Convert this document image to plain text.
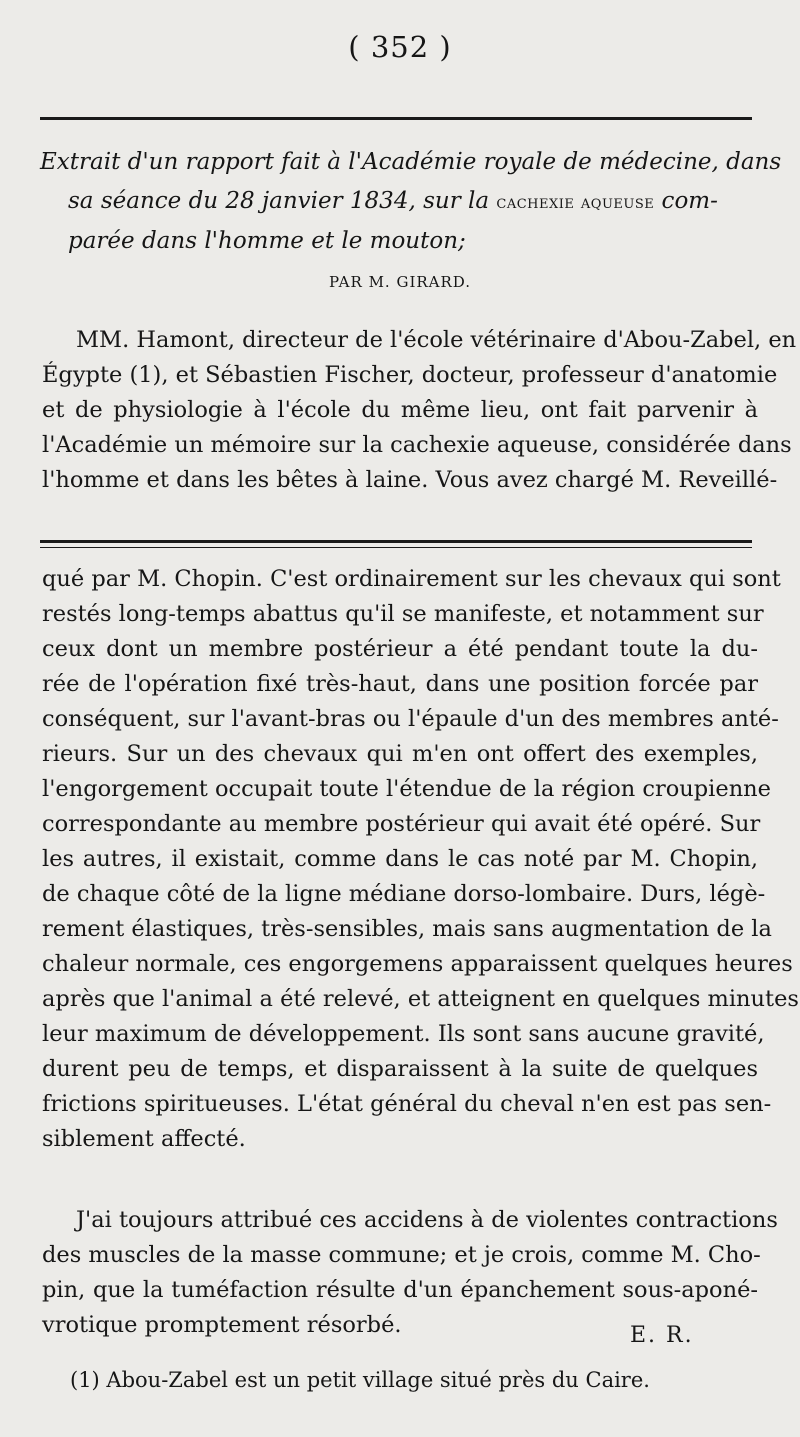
( 352 )
Extrait d'un rapport fait à l'Académie royale de médecine, dans
sa séance du 28 janvier 1834, sur la cachexie aqueuse com-
parée dans l'homme et le mouton;
PAR M. GIRARD.
MM. Hamont, directeur de l'école vétérinaire d'Abou-Zabel, en
Égypte (1), et Sébastien Fischer, docteur, professeur d'anatomie
et de physiologie à l'école du même lieu, ont fait parvenir à
l'Académie un mémoire sur la cachexie aqueuse, considérée dans
l'homme et dans les bêtes à laine. Vous avez chargé M. Reveillé-
qué par M. Chopin. C'est ordinairement sur les chevaux qui sont
restés long-temps abattus qu'il se manifeste, et notamment sur
ceux dont un membre postérieur a été pendant toute la du-
rée de l'opération fixé très-haut, dans une position forcée par
conséquent, sur l'avant-bras ou l'épaule d'un des membres anté-
rieurs. Sur un des chevaux qui m'en ont offert des exemples,
l'engorgement occupait toute l'étendue de la région croupienne
correspondante au membre postérieur qui avait été opéré. Sur
les autres, il existait, comme dans le cas noté par M. Chopin,
de chaque côté de la ligne médiane dorso-lombaire. Durs, légè-
rement élastiques, très-sensibles, mais sans augmentation de la
chaleur normale, ces engorgemens apparaissent quelques heures
après que l'animal a été relevé, et atteignent en quelques minutes
leur maximum de développement. Ils sont sans aucune gravité,
durent peu de temps, et disparaissent à la suite de quelques
frictions spiritueuses. L'état général du cheval n'en est pas sen-
siblement affecté.
J'ai toujours attribué ces accidens à de violentes contractions
des muscles de la masse commune; et je crois, comme M. Cho-
pin, que la tuméfaction résulte d'un épanchement sous-aponé-
vrotique promptement résorbé.	E. R.
(1) Abou-Zabel est un petit village situé près du Caire.
